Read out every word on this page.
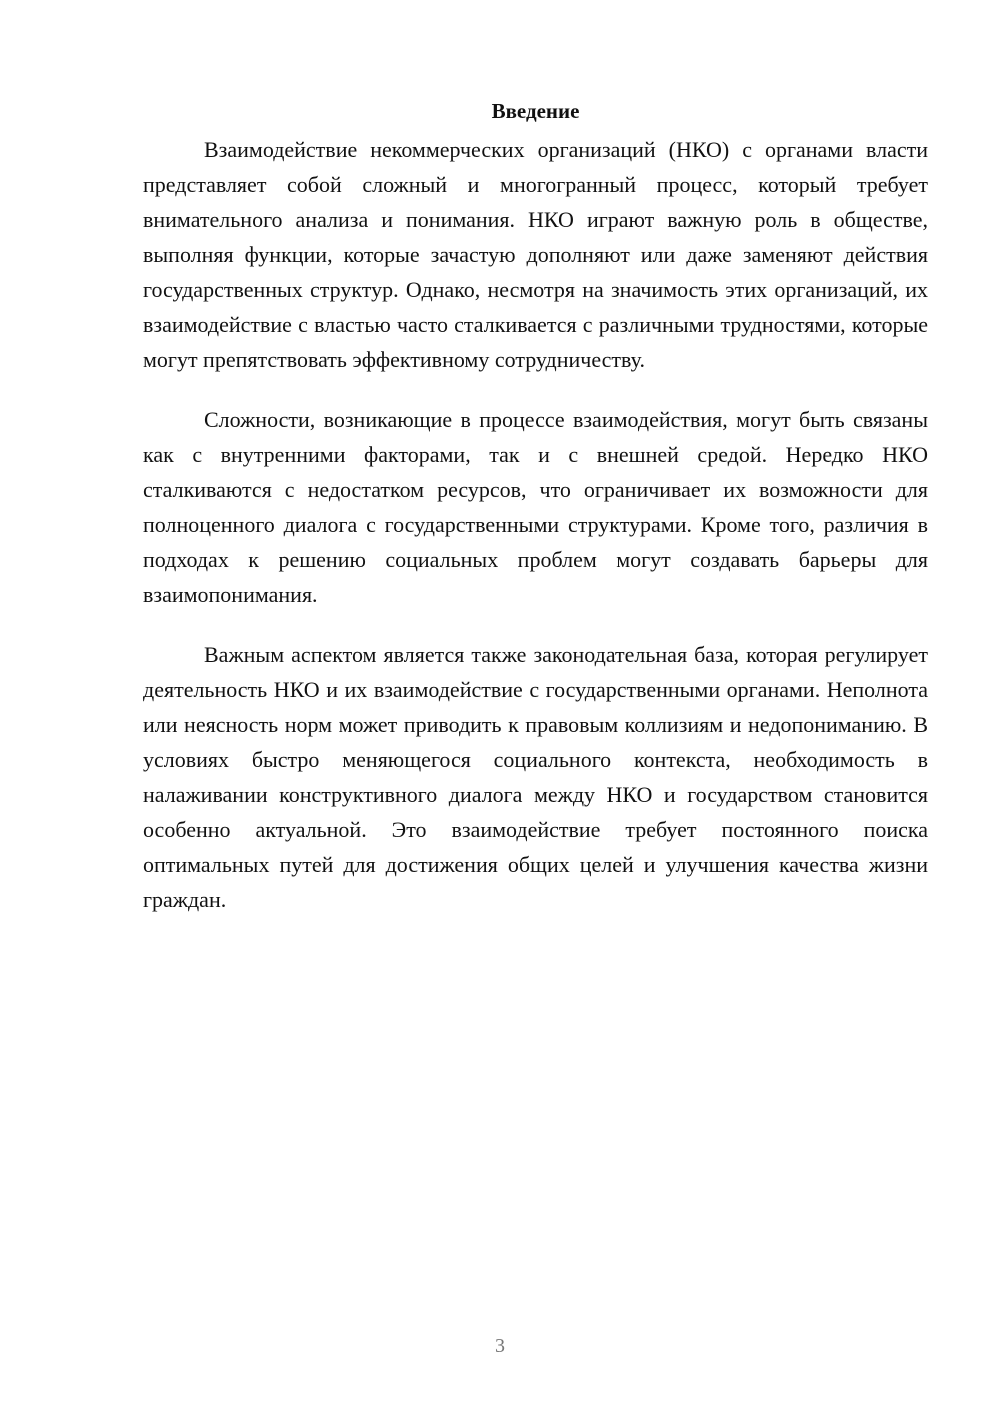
Введение

Взаимодействие некоммерческих организаций (НКО) с органами власти представляет собой сложный и многогранный процесс, который требует внимательного анализа и понимания. НКО играют важную роль в обществе, выполняя функции, которые зачастую дополняют или даже заменяют действия государственных структур. Однако, несмотря на значимость этих организаций, их взаимодействие с властью часто сталкивается с различными трудностями, которые могут препятствовать эффективному сотрудничеству.

Сложности, возникающие в процессе взаимодействия, могут быть связаны как с внутренними факторами, так и с внешней средой. Нередко НКО сталкиваются с недостатком ресурсов, что ограничивает их возможности для полноценного диалога с государственными структурами. Кроме того, различия в подходах к решению социальных проблем могут создавать барьеры для взаимопонимания.

Важным аспектом является также законодательная база, которая регулирует деятельность НКО и их взаимодействие с государственными органами. Неполнота или неясность норм может приводить к правовым коллизиям и недопониманию. В условиях быстро меняющегося социального контекста, необходимость в налаживании конструктивного диалога между НКО и государством становится особенно актуальной. Это взаимодействие требует постоянного поиска оптимальных путей для достижения общих целей и улучшения качества жизни граждан.

3
